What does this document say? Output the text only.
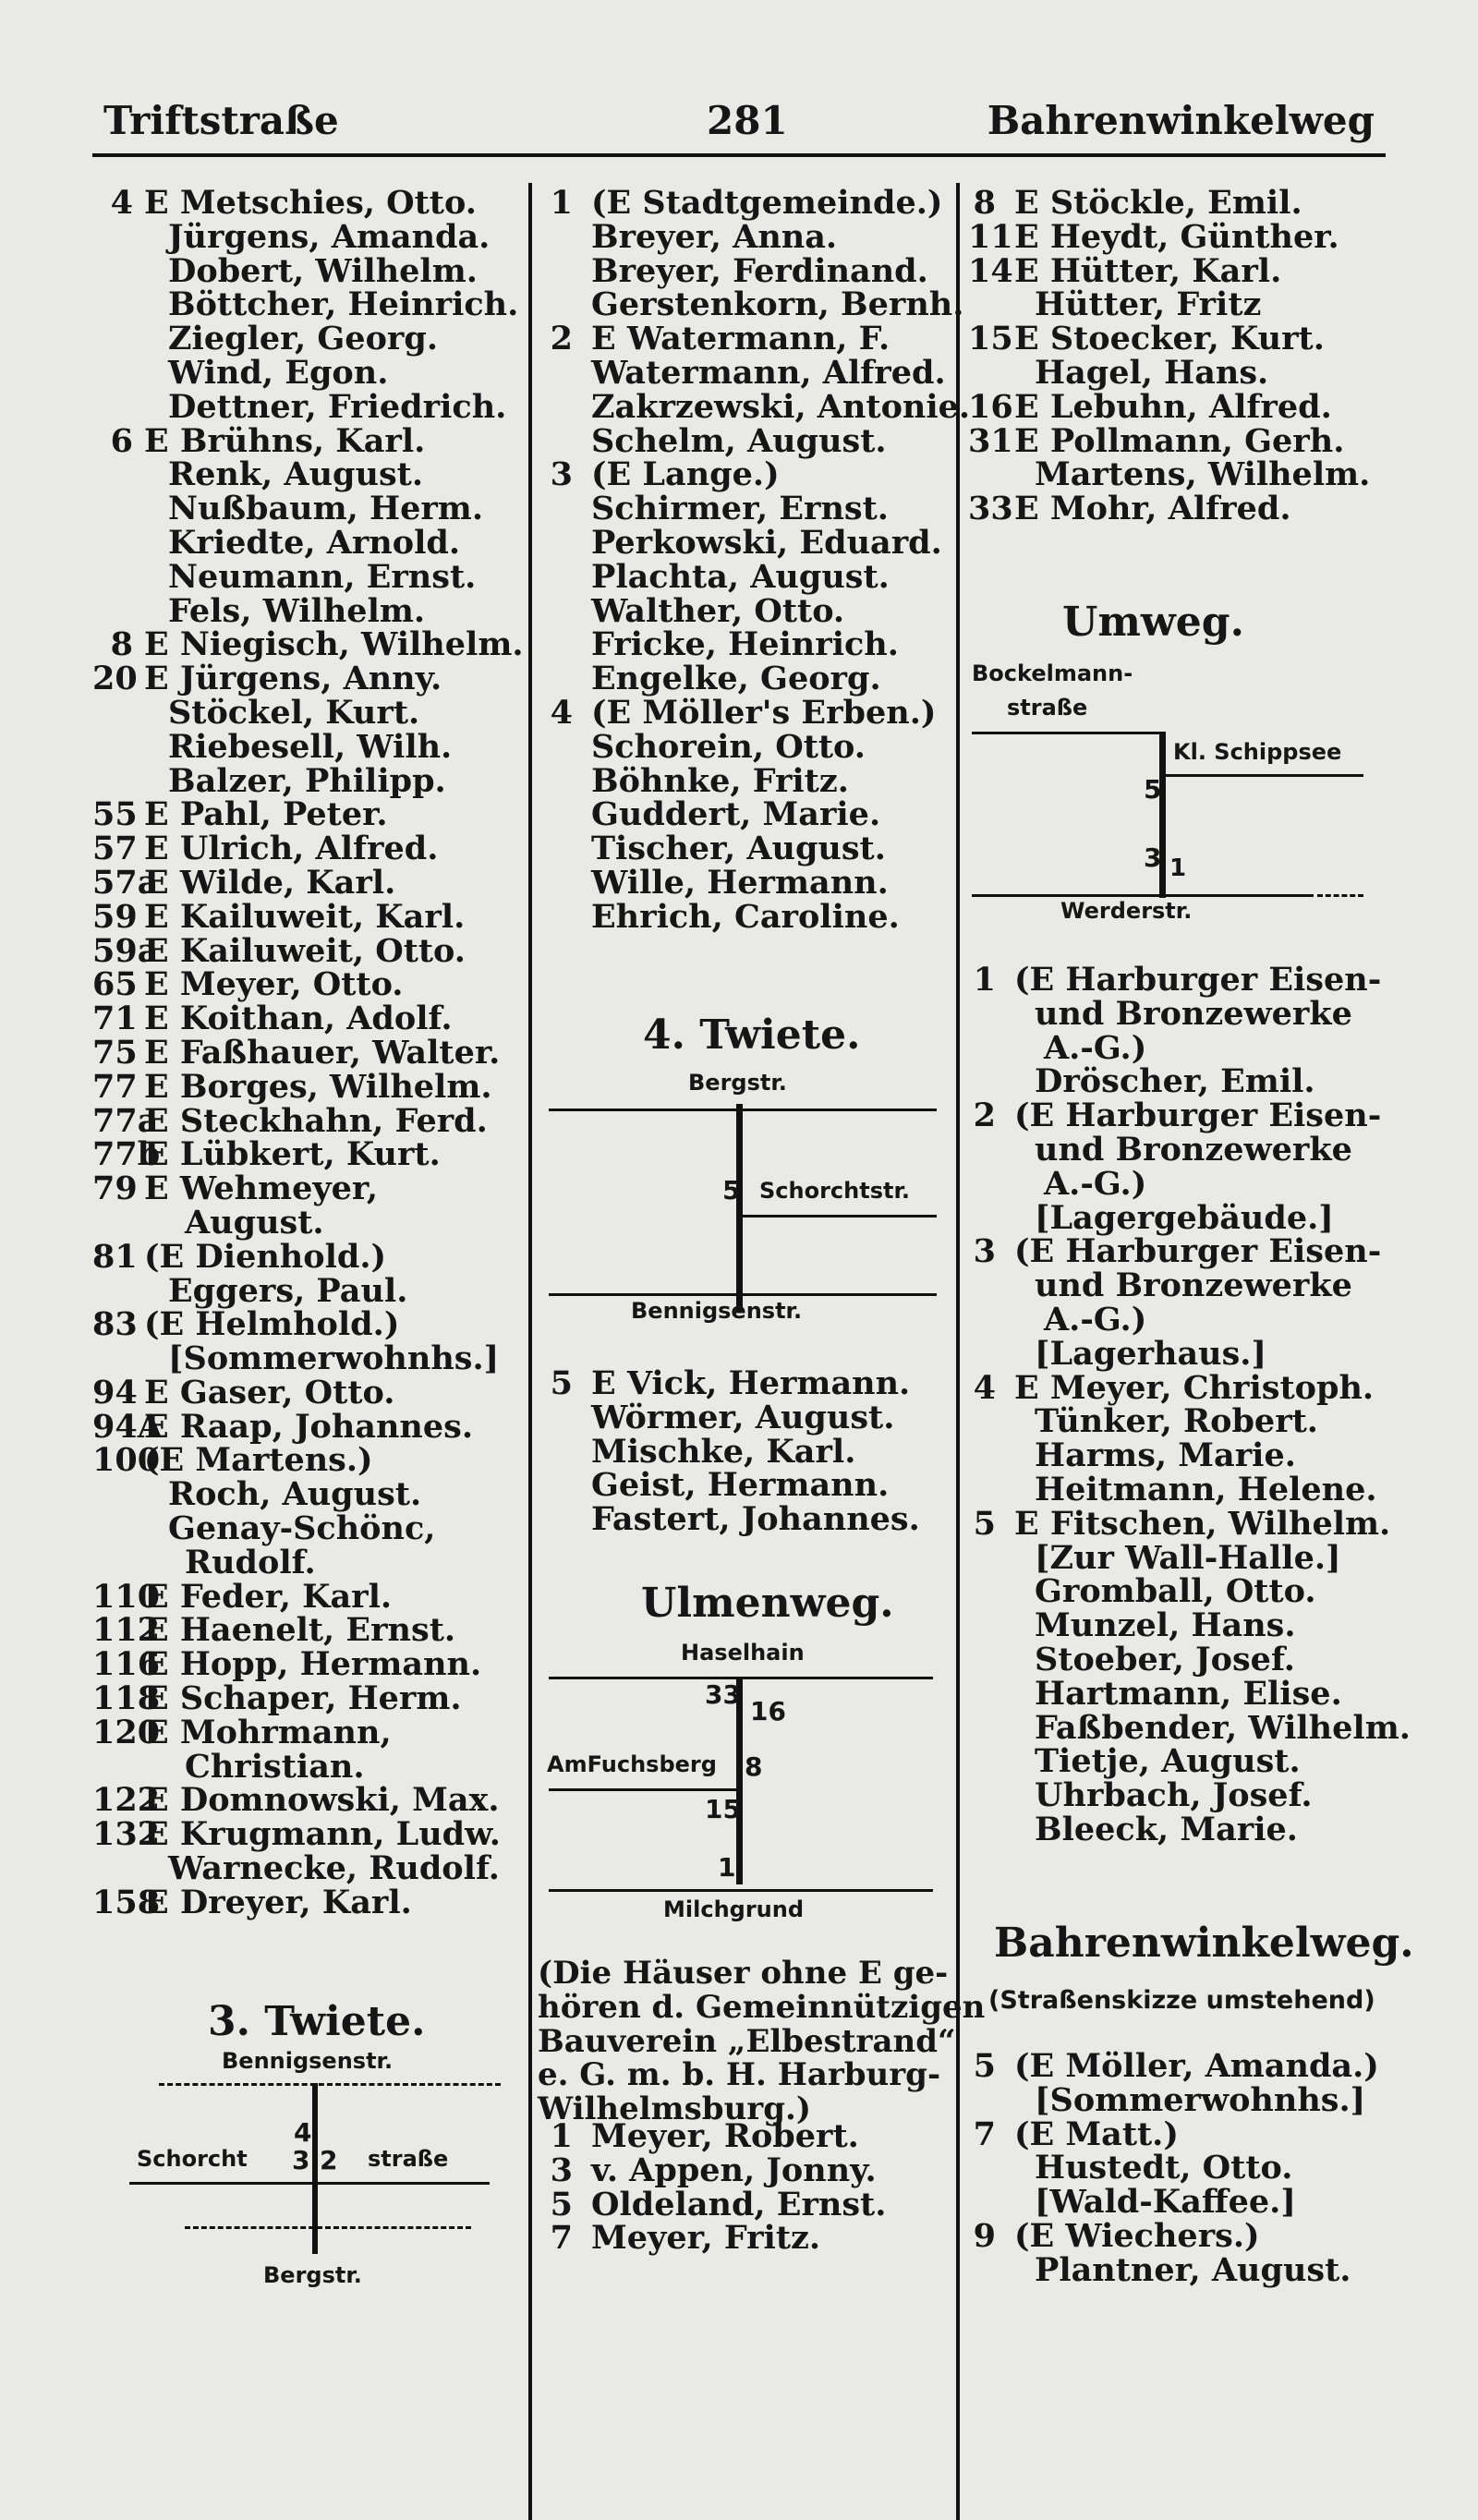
Triftstraße	281	Bahrenwinkelweg
4 E Metschies, Otto.
Jürgens, Amanda.
Dobert, Wilhelm.
Böttcher, Heinrich.
Ziegler, Georg.
Wind, Egon.
Dettner, Friedrich.
6 E Brühns, Karl.
Renk, August.
Nußbaum, Herm.
Kriedte, Arnold.
Neumann, Ernst.
Fels, Wilhelm.
8 E Niegisch, Wilhelm.
20 E Jürgens, Anny.
Stöckel, Kurt.
Riebesell, Wilh.
Balzer, Philipp.
55 E Pahl, Peter.
57 E Ulrich, Alfred.
57aE Wilde, Karl.
59 E Kailuweit, Karl.
59aE Kailuweit, Otto.
65 E Meyer, Otto.
71 E Koithan, Adolf.
75 E Faßhauer, Walter.
77 E Borges, Wilhelm.
77aE Steckhahn, Ferd.
77bE Lübkert, Kurt.
79 E Wehmeyer,
August.
81 (E Dienhold.)
Eggers, Paul.
83 (E Helmhold.)
[Sommerwohnhs.]
94 E Gaser, Otto.
94AE Raap, Johannes.
100(E Martens.)
Roch, August.
Genay-Schönc,
Rudolf.
110E Feder, Karl.
112E Haenelt, Ernst.
116E Hopp, Hermann.
118E Schaper, Herm.
120E Mohrmann,
Christian.
122E Domnowski, Max.
132E Krugmann, Ludw.
Warnecke, Rudolf.
158E Dreyer, Karl.
3. Twiete.
Bennigsenstr.
4
Schorcht 3 2 straße
Bergstr.
1 (E Stadtgemeinde.)
Breyer, Anna.
Breyer, Ferdinand.
Gerstenkorn, Bernh.
2 E Watermann, F.
Watermann, Alfred.
Zakrzewski, Antonie.
Schelm, August.
3 (E Lange.)
Schirmer, Ernst.
Perkowski, Eduard.
Plachta, August.
Walther, Otto.
Fricke, Heinrich.
Engelke, Georg.
4 (E Möller's Erben.)
Schorein, Otto.
Böhnke, Fritz.
Guddert, Marie.
Tischer, August.
Wille, Hermann.
Ehrich, Caroline.
4. Twiete.
Bergstr.
5 Schorchtstr.
Bennigsenstr.
5 E Vick, Hermann.
Wörmer, August.
Mischke, Karl.
Geist, Hermann.
Fastert, Johannes.
Ulmenweg.
Haselhain
33
16
AmFuchsberg 8
15
1
Milchgrund
(Die Häuser ohne E ge-
hören d. Gemeinnützigen
Bauverein „Elbestrand“
e. G. m. b. H. Harburg-
Wilhelmsburg.)
1 Meyer, Robert.
3 v. Appen, Jonny.
5 Oldeland, Ernst.
7 Meyer, Fritz.
8 E Stöckle, Emil.
11E Heydt, Günther.
14E Hütter, Karl.
Hütter, Fritz
15E Stoecker, Kurt.
Hagel, Hans.
16E Lebuhn, Alfred.
31E Pollmann, Gerh.
Martens, Wilhelm.
33E Mohr, Alfred.
Umweg.
Bockelmann-
straße
Kl. Schippsee
5
3 1
Werderstr.
1 (E Harburger Eisen-
und Bronzewerke
A.-G.)
Dröscher, Emil.
2 (E Harburger Eisen-
und Bronzewerke
A.-G.)
[Lagergebäude.]
3 (E Harburger Eisen-
und Bronzewerke
A.-G.)
[Lagerhaus.]
4 E Meyer, Christoph.
Tünker, Robert.
Harms, Marie.
Heitmann, Helene.
5 E Fitschen, Wilhelm.
[Zur Wall-Halle.]
Gromball, Otto.
Munzel, Hans.
Stoeber, Josef.
Hartmann, Elise.
Faßbender, Wilhelm.
Tietje, August.
Uhrbach, Josef.
Bleeck, Marie.
Bahrenwinkelweg.
(Straßenskizze umstehend)
5 (E Möller, Amanda.)
[Sommerwohnhs.]
7 (E Matt.)
Hustedt, Otto.
[Wald-Kaffee.]
9 (E Wiechers.)
Plantner, August.
